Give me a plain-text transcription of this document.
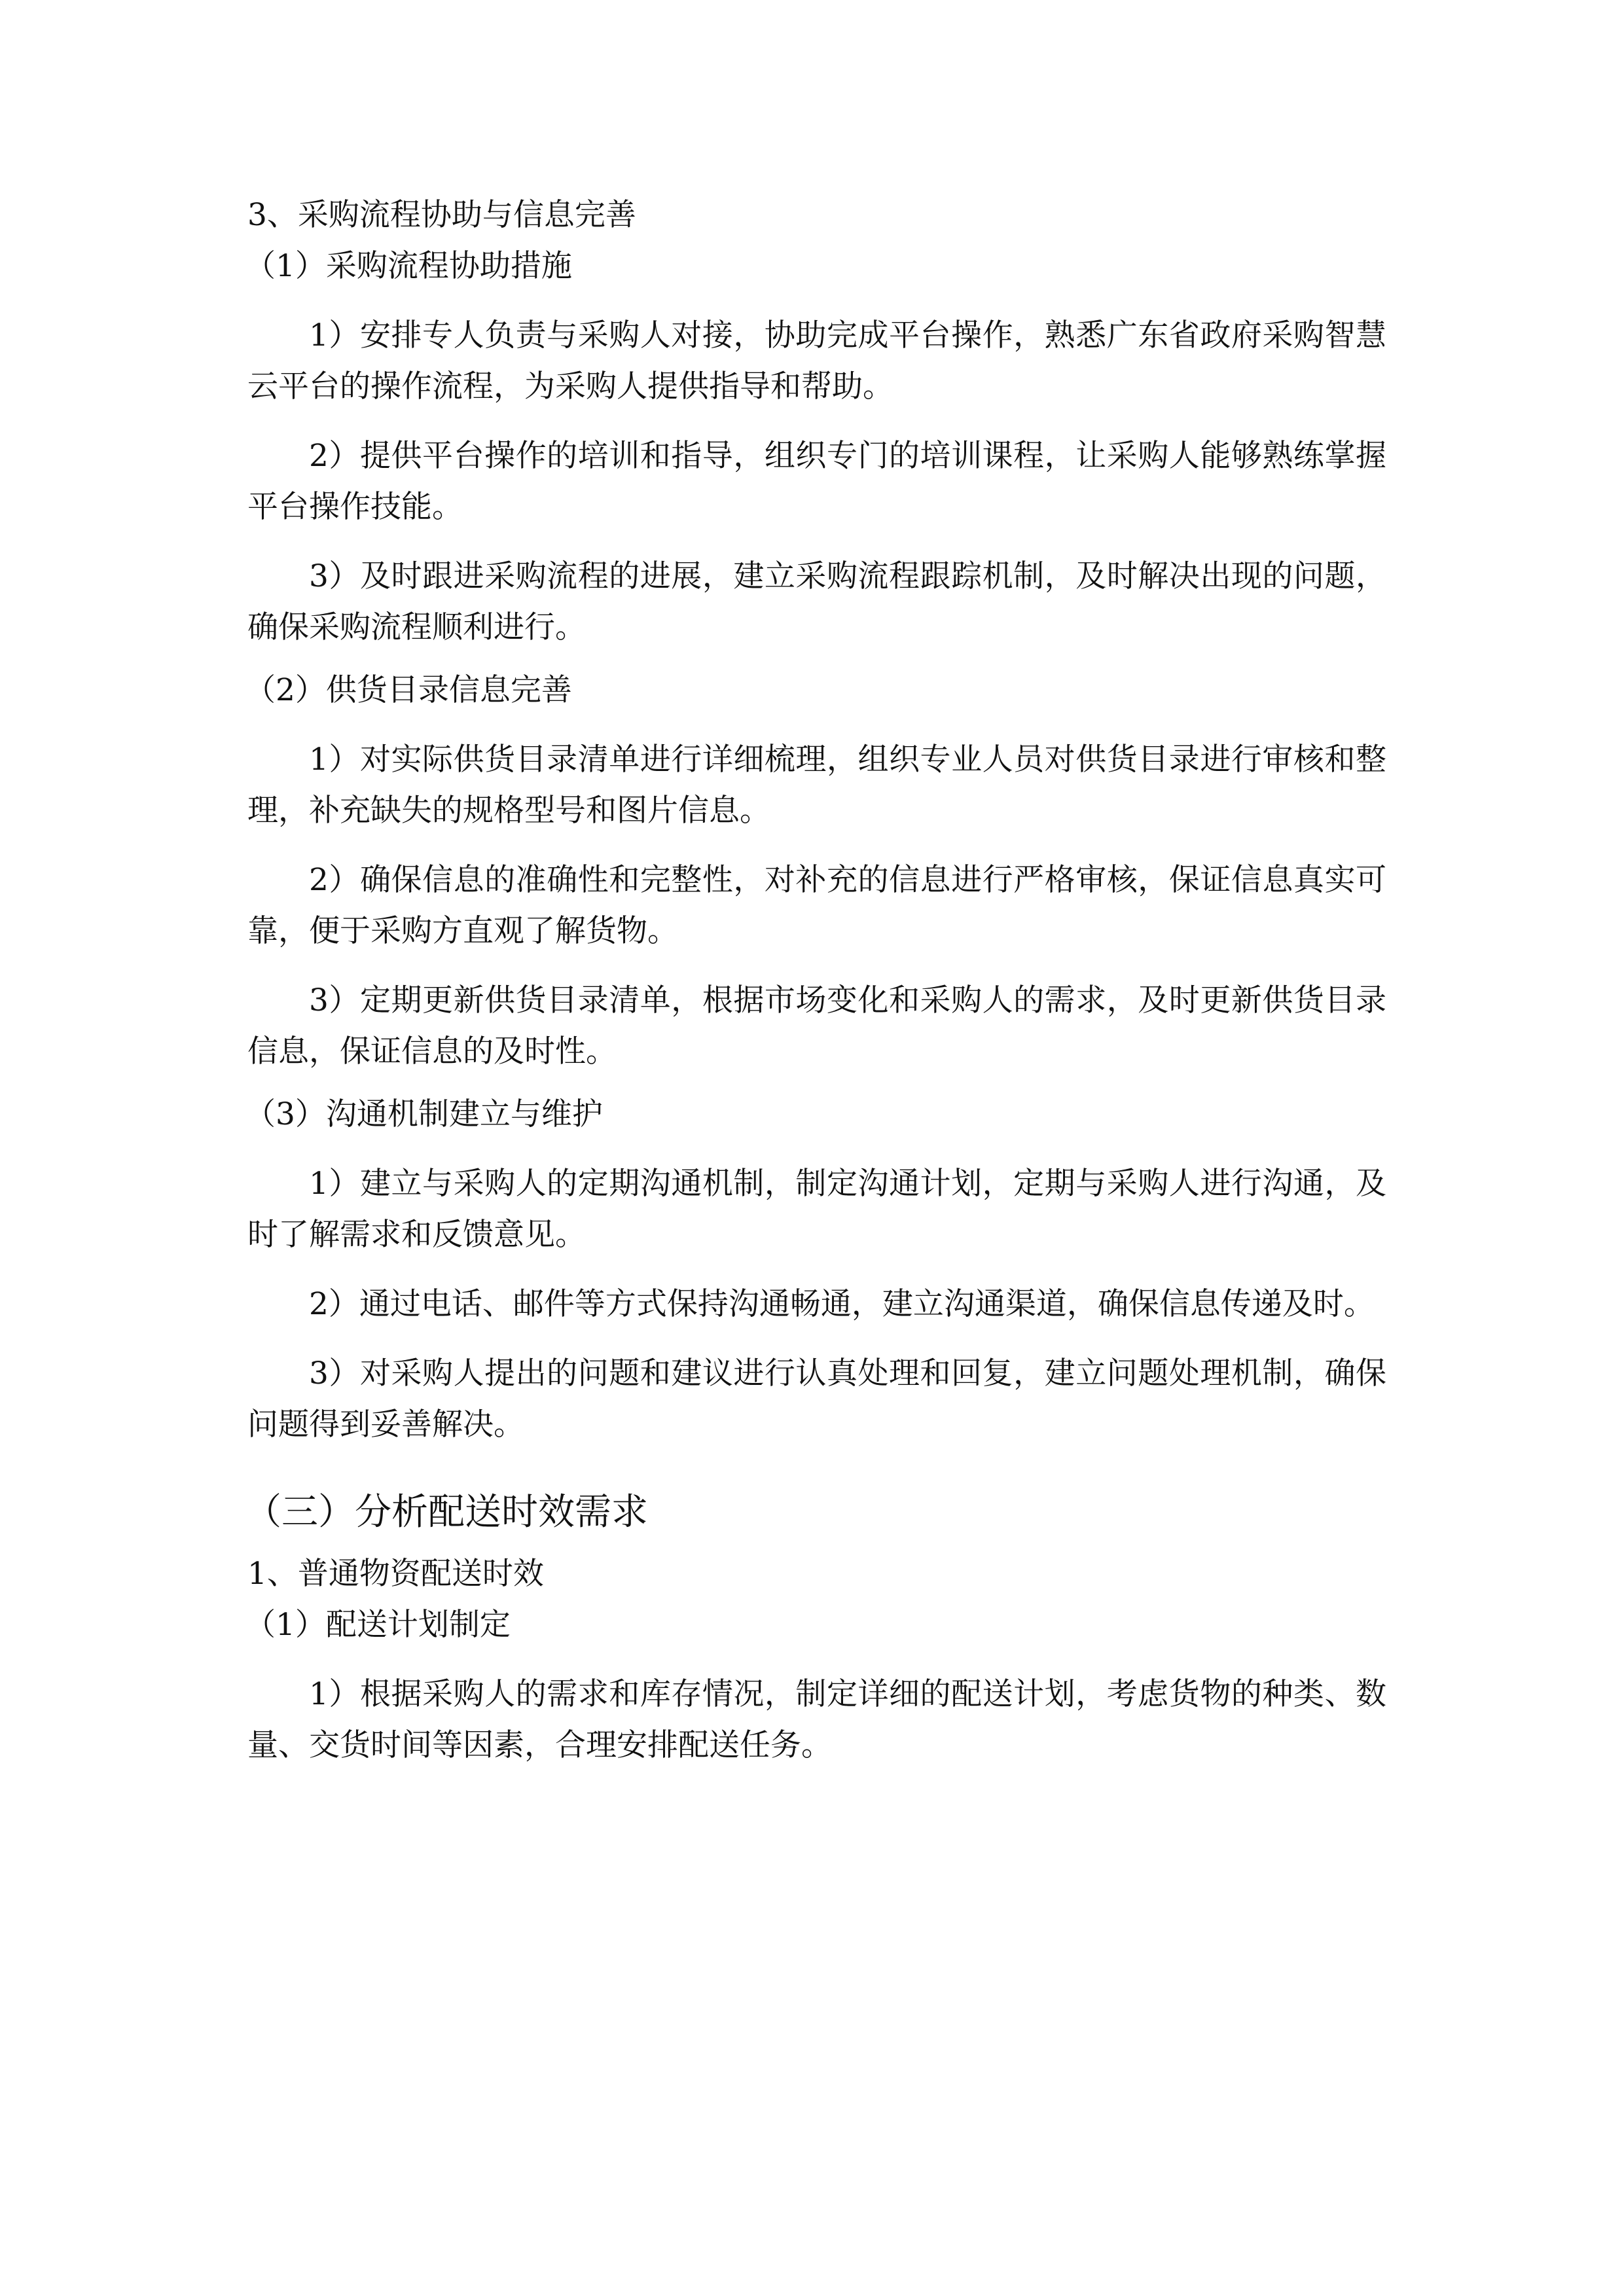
3、采购流程协助与信息完善
（1）采购流程协助措施

1）安排专人负责与采购人对接，协助完成平台操作，熟悉广东省政府采购智慧云平台的操作流程，为采购人提供指导和帮助。

2）提供平台操作的培训和指导，组织专门的培训课程，让采购人能够熟练掌握平台操作技能。

3）及时跟进采购流程的进展，建立采购流程跟踪机制，及时解决出现的问题，确保采购流程顺利进行。

（2）供货目录信息完善

1）对实际供货目录清单进行详细梳理，组织专业人员对供货目录进行审核和整理，补充缺失的规格型号和图片信息。

2）确保信息的准确性和完整性，对补充的信息进行严格审核，保证信息真实可靠，便于采购方直观了解货物。

3）定期更新供货目录清单，根据市场变化和采购人的需求，及时更新供货目录信息，保证信息的及时性。

（3）沟通机制建立与维护

1）建立与采购人的定期沟通机制，制定沟通计划，定期与采购人进行沟通，及时了解需求和反馈意见。

2）通过电话、邮件等方式保持沟通畅通，建立沟通渠道，确保信息传递及时。

3）对采购人提出的问题和建议进行认真处理和回复，建立问题处理机制，确保问题得到妥善解决。

（三）分析配送时效需求
1、普通物资配送时效
（1）配送计划制定

1）根据采购人的需求和库存情况，制定详细的配送计划，考虑货物的种类、数量、交货时间等因素，合理安排配送任务。
